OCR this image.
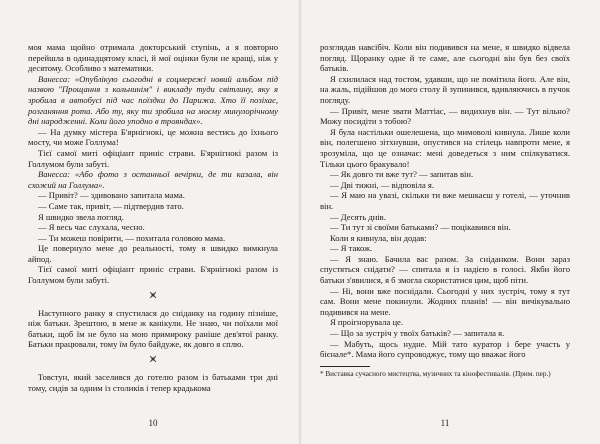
моя мама щойно отримала докторський ступінь, а я повторно перейшла в одинадцятому класі, й мої оцінки були не кращі, ніж у десятому. Особливо з математики.

Ванесса: «Опублікую сьогодні в соцмережі новий альбом під назвою "Прощання з кольнинім" і викладу туди світлину, яку я зробила в автобусі під час поїздки до Парижа. Хто її позіхає, розганяння рота. Або ту, яку ти зробила на моєму минулорічному дні народженні. Коли його уподно в трояндах».

— На думку містера Б'ярнігнокі, це можна вестись до їхнього мосту, чи може Голлума!

Тієї самої миті офіціант приніс страви. Б'ярнігнокі разом із Голлумом були забуті.

Ванесса: «Або фото з останньої вечірки, де ти казала, він схожий на Голлума».

— Привіт? — здивовано запитала мама.

— Саме так, привіт, — підтвердив тато.

Я швидко звела погляд.

— Я весь час слухала, чесно.

— Ти можеш повірити, — похитала головою мама.

Це повернуло мене до реальності, тому я швидко вимкнула айпод.

Тієї самої миті офіціант приніс страви. Б'ярнігнокі разом із Голлумом були забуті.

Наступного ранку я спустилася до сніданку на годину пізніше, ніж батьки. Зрештою, в мене ж канікули. Не знаю, чи поїхали мої батьки, щоб їм не було на мою примироку раніше дев'ятої ранку. Батьки працювали, тому їм було байдуже, як довго я сплю.

Товстун, який заселився до готелю разом із батьками три дні тому, сидів за одним із столиків і тепер крадькома

10

розглядав навсібіч. Коли він подивився на мене, я швидко відвела погляд. Щоранку одне й те саме, але сьогодні він був без своїх батьків.

Я схилилася над тостом, удавши, що не помітила його. Але він, на жаль, підійшов до мого столу й зупинився, вдивляючись в пучок погляду.

— Привіт, мене звати Маттіас, — видихнув він. — Тут вільно? Можу посидіти з тобою?

Я була настільки ошелешена, що мимоволі кивнула. Лише коли він, полегшено зітхнувши, опустився на стілець навпроти мене, я зрозуміла, що це означає: мені доведеться з ним спілкуватися. Тільки цього бракувало!

— Як довго ти вже тут? — запитав він.

— Дві тижні, — відповіла я.

— Я маю на увазі, скільки ти вже мешкаєш у готелі, — уточнив він.

— Десять днів.

— Ти тут зі своїми батьками? — поцікавився він.

Коли я кивнула, він додав:

— Я також.

— Я знаю. Бачила вас разом. За сніданком. Вони зараз спустяться снідати? — спитала я із надією в голосі. Якби його батьки з'явилися, я б змогла скористатися цим, щоб піти.

— Ні, вони вже поснідали. Сьогодні у них зустріч, тому я тут сам. Вони мене покинули. Жодних планів! — він вичікувально подивився на мене.

Я проігнорувала це.

— Що за зустріч у твоїх батьків? — запитала я.

— Мабуть, щось нудне. Мій тато куратор і бере участь у бієнале*. Мама його супроводжує, тому що вважає його

* Виставка сучасного мистецтва, музичних та кінофестивалів. (Прим. пер.)

11
